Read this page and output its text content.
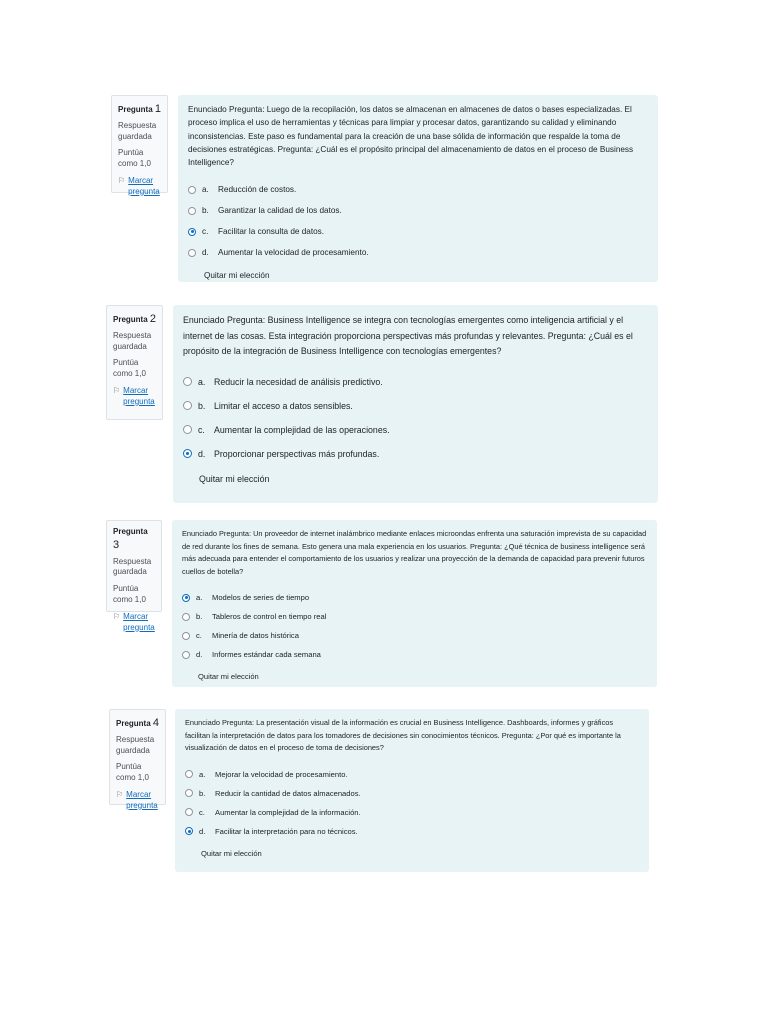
Pregunta 1
Respuesta guardada
Puntúa como 1,0
⚐ Marcar pregunta

Enunciado Pregunta: Luego de la recopilación, los datos se almacenan en almacenes de datos o bases especializadas. El proceso implica el uso de herramientas y técnicas para limpiar y procesar datos, garantizando su calidad y eliminando inconsistencias. Este paso es fundamental para la creación de una base sólida de información que respalde la toma de decisiones estratégicas. Pregunta: ¿Cuál es el propósito principal del almacenamiento de datos en el proceso de Business Intelligence?

a.	Reducción de costos.
b.	Garantizar la calidad de los datos.
c.	Facilitar la consulta de datos.
d.	Aumentar la velocidad de procesamiento.
Quitar mi elección
Pregunta 2
Respuesta guardada
Puntúa como 1,0
⚐ Marcar pregunta

Enunciado Pregunta: Business Intelligence se integra con tecnologías emergentes como inteligencia artificial y el internet de las cosas. Esta integración proporciona perspectivas más profundas y relevantes. Pregunta: ¿Cuál es el propósito de la integración de Business Intelligence con tecnologías emergentes?

a. Reducir la necesidad de análisis predictivo.
b. Limitar el acceso a datos sensibles.
c.	Aumentar la complejidad de las operaciones.
d. Proporcionar perspectivas más profundas.
Quitar mi elección
Pregunta 3
Respuesta guardada
Puntúa como 1,0
⚐ Marcar pregunta

Enunciado Pregunta: Un proveedor de internet inalámbrico mediante enlaces microondas enfrenta una saturación imprevista de su capacidad de red durante los fines de semana. Esto genera una mala experiencia en los usuarios. Pregunta: ¿Qué técnica de business intelligence será más adecuada para entender el comportamiento de los usuarios y realizar una proyección de la demanda de capacidad para prevenir futuros cuellos de botella?

a.	Modelos de series de tiempo
b.	Tableros de control en tiempo real
c.	Minería de datos histórica
d.	Informes estándar cada semana
Quitar mi elección
Pregunta 4
Respuesta guardada
Puntúa como 1,0
⚐ Marcar pregunta

Enunciado Pregunta: La presentación visual de la información es crucial en Business Intelligence. Dashboards, informes y gráficos facilitan la interpretación de datos para los tomadores de decisiones sin conocimientos técnicos. Pregunta: ¿Por qué es importante la visualización de datos en el proceso de toma de decisiones?

a.	Mejorar la velocidad de procesamiento.
b.	Reducir la cantidad de datos almacenados.
c.	Aumentar la complejidad de la información.
d.	Facilitar la interpretación para no técnicos.
Quitar mi elección
